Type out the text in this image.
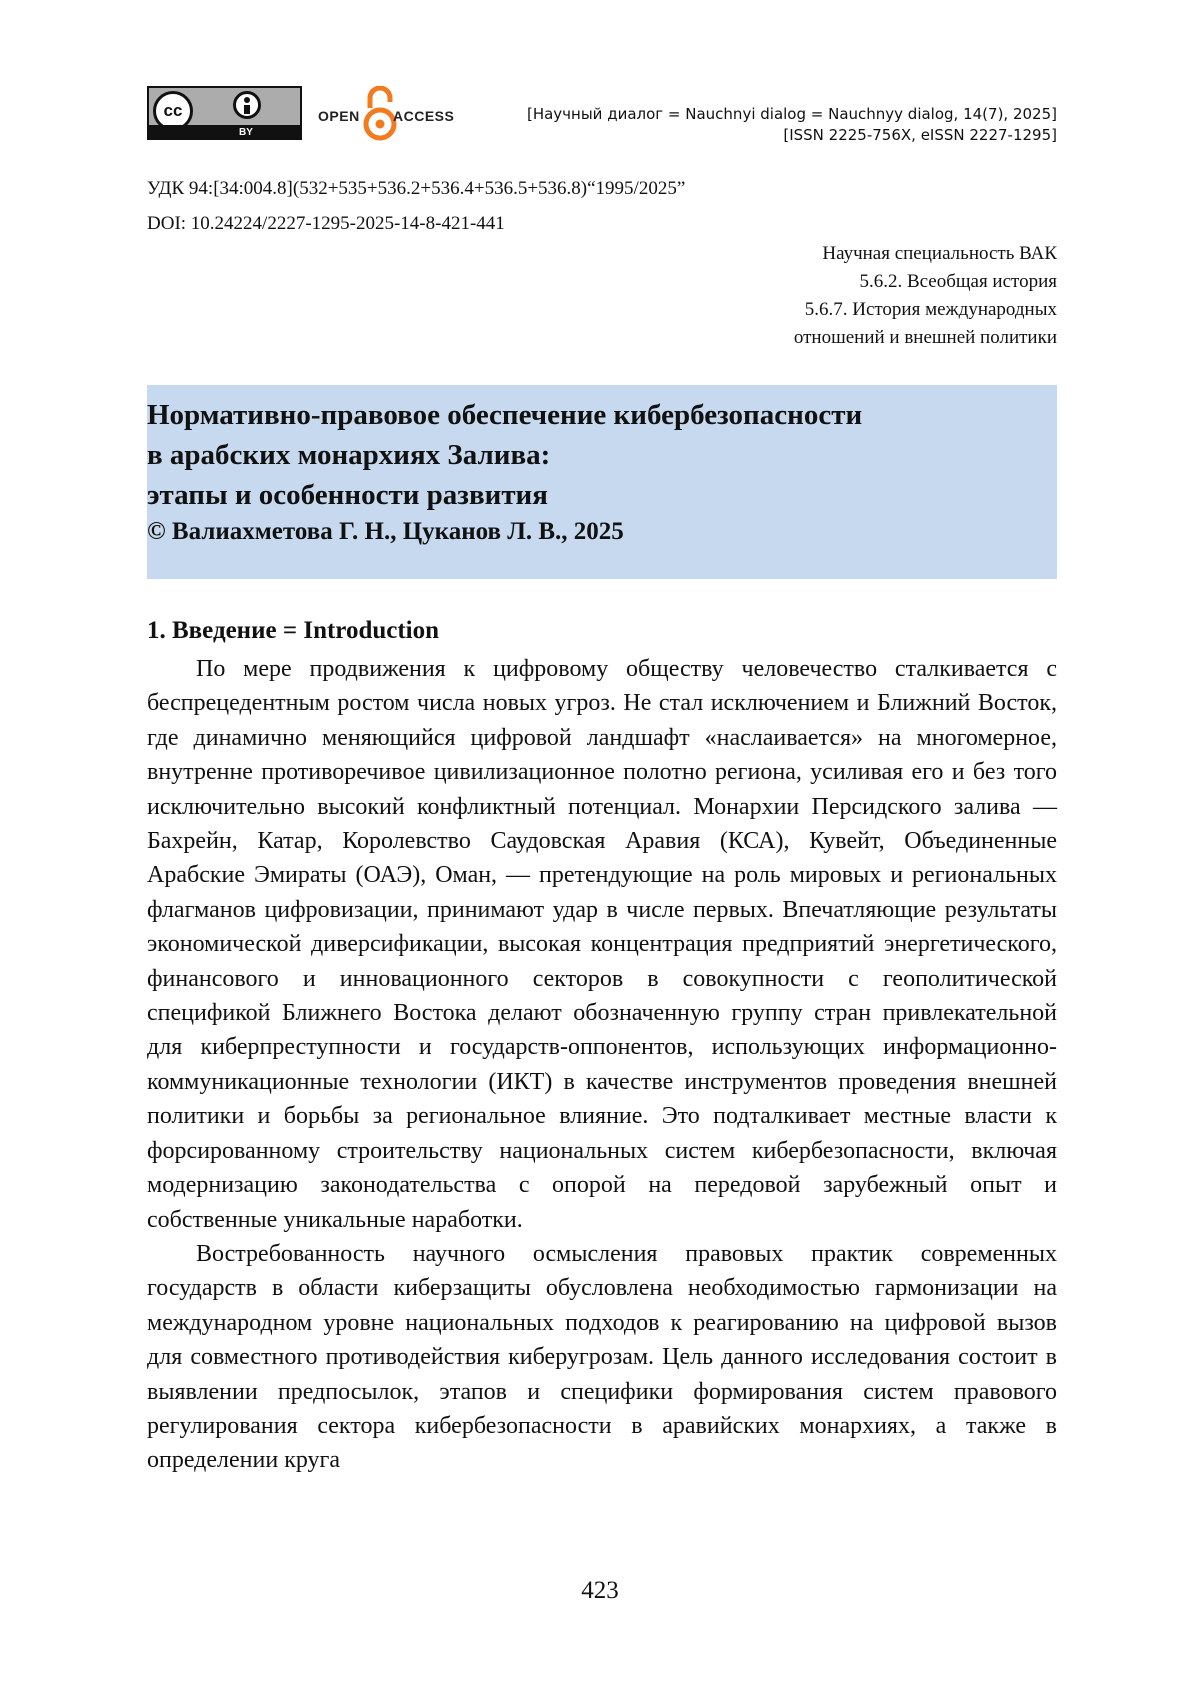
cc
BY
OPEN ACCESS	[Научный диалог = Nauchnyi dialog = Nauchnyy dialog, 14(7), 2025]
[ISSN 2225-756X, eISSN 2227-1295]
УДК 94:[34:004.8](532+535+536.2+536.4+536.5+536.8)“1995/2025”
DOI: 10.24224/2227-1295-2025-14-8-421-441
Научная специальность ВАК
5.6.2. Всеобщая история
5.6.7. История международных
отношений и внешней политики
Нормативно-правовое обеспечение кибербезопасности
в арабских монархиях Залива:
этапы и особенности развития
© Валиахметова Г. Н., Цуканов Л. В., 2025
1. Введение = Introduction

По мере продвижения к цифровому обществу человечество сталкивается с беспрецедентным ростом числа новых угроз. Не стал исключением и Ближний Восток, где динамично меняющийся цифровой ландшафт «наслаивается» на многомерное, внутренне противоречивое цивилизационное полотно региона, усиливая его и без того исключительно высокий конфликтный потенциал. Монархии Персидского залива — Бахрейн, Катар, Королевство Саудовская Аравия (КСА), Кувейт, Объединенные Арабские Эмираты (ОАЭ), Оман, — претендующие на роль мировых и региональных флагманов цифровизации, принимают удар в числе первых. Впечатляющие результаты экономической диверсификации, высокая концентрация предприятий энергетического, финансового и инновационного секторов в совокупности с геополитической спецификой Ближнего Востока делают обозначенную группу стран привлекательной для киберпреступности и государств-оппонентов, использующих информационно-коммуникационные технологии (ИКТ) в качестве инструментов проведения внешней политики и борьбы за региональное влияние. Это подталкивает местные власти к форсированному строительству национальных систем кибербезопасности, включая модернизацию законодательства с опорой на передовой зарубежный опыт и собственные уникальные наработки.

Востребованность научного осмысления правовых практик современных государств в области киберзащиты обусловлена необходимостью гармонизации на международном уровне национальных подходов к реагированию на цифровой вызов для совместного противодействия киберугрозам. Цель данного исследования состоит в выявлении предпосылок, этапов и специфики формирования систем правового регулирования сектора кибербезопасности в аравийских монархиях, а также в определении круга

423
